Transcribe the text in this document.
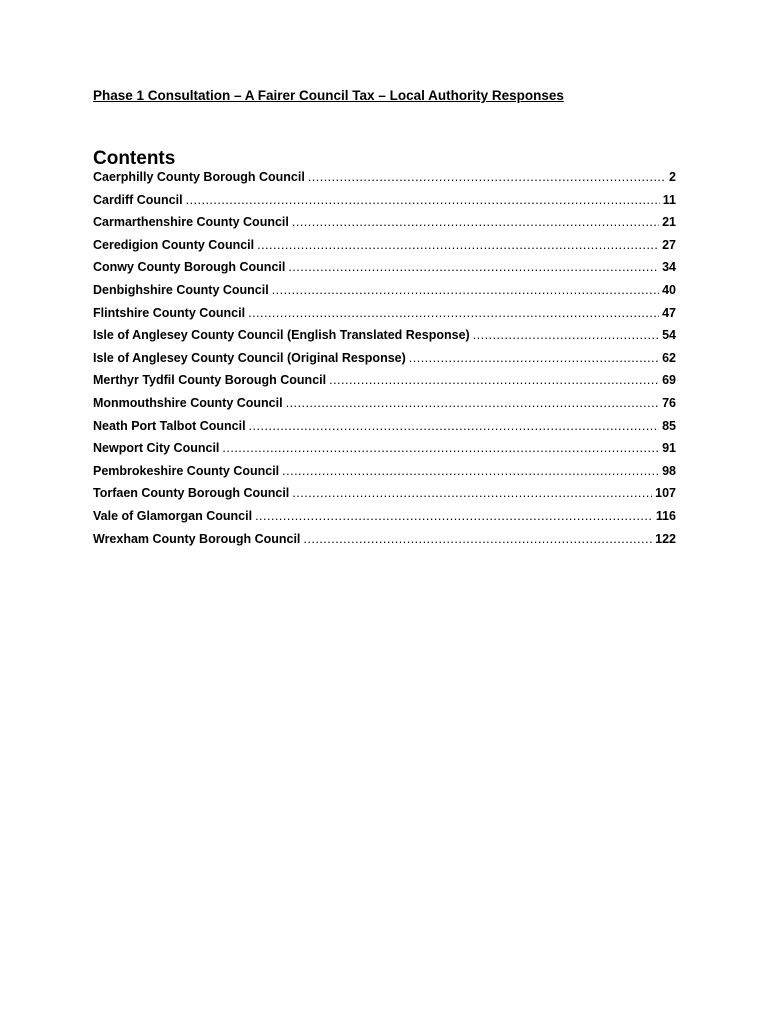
Phase 1 Consultation – A Fairer Council Tax – Local Authority Responses
Contents
Caerphilly County Borough Council .....	2
Cardiff Council .....	11
Carmarthenshire County Council .....	21
Ceredigion County Council .....	27
Conwy County Borough Council .....	34
Denbighshire County Council .....	40
Flintshire County Council .....	47
Isle of Anglesey County Council (English Translated Response) .....	54
Isle of Anglesey County Council (Original Response) .....	62
Merthyr Tydfil County Borough Council .....	69
Monmouthshire County Council .....	76
Neath Port Talbot Council .....	85
Newport City Council .....	91
Pembrokeshire County Council .....	98
Torfaen County Borough Council .....	107
Vale of Glamorgan Council .....	116
Wrexham County Borough Council .....	122
